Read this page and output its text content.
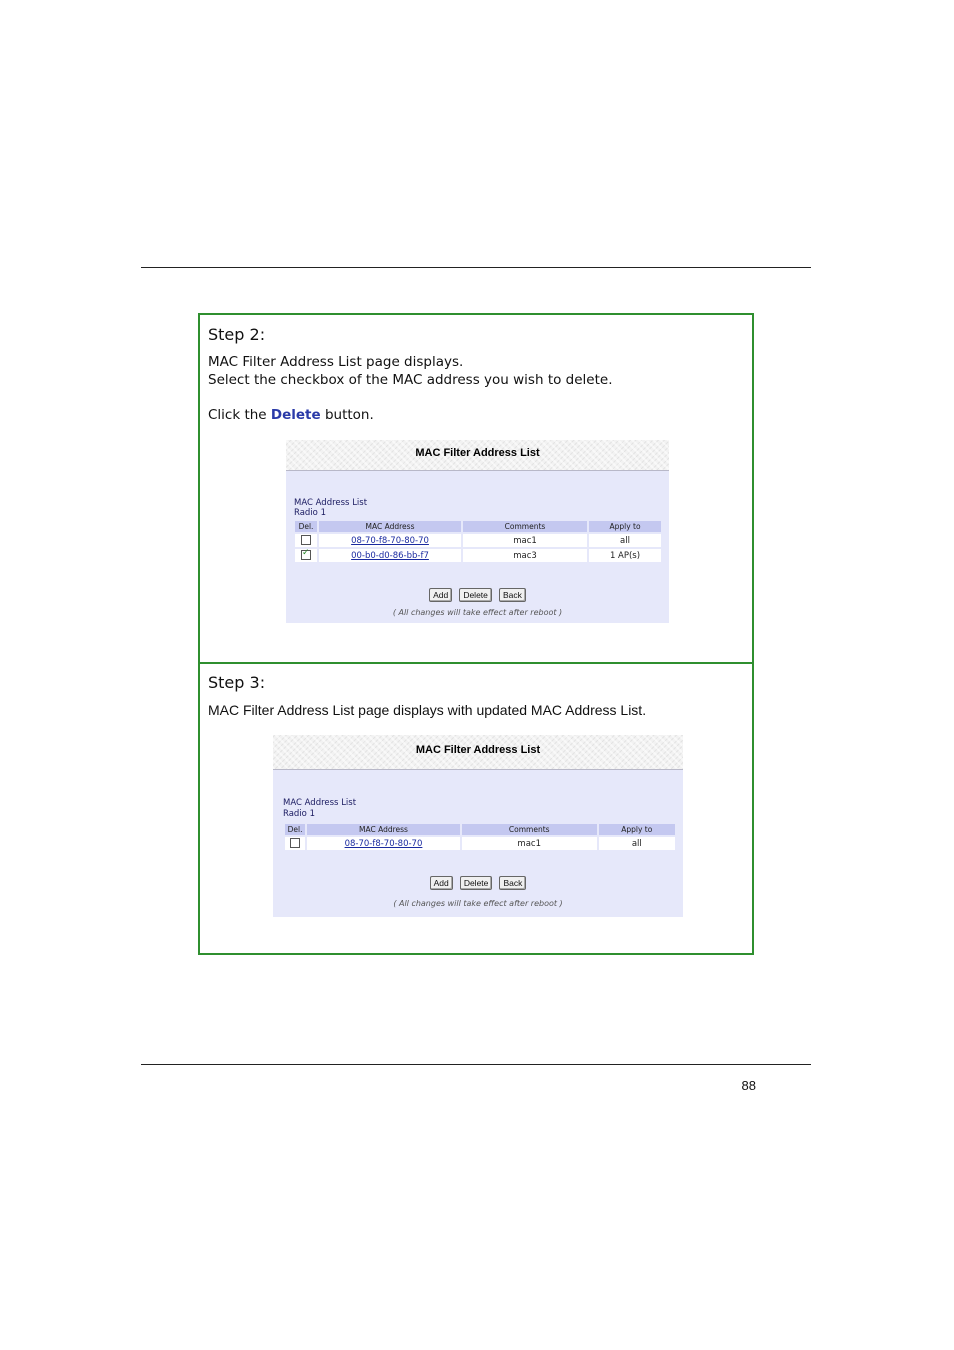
Step 2:
MAC Filter Address List page displays.
Select the checkbox of the MAC address you wish to delete.
Click the Delete button.
MAC Filter Address List
MAC Address List
Radio 1
Del.	MAC Address	Comments	Apply to
	08-70-f8-70-80-70	mac1	all
✓	00-b0-d0-86-bb-f7	mac3	1 AP(s)
Add Delete Back
( All changes will take effect after reboot )
Step 3:
MAC Filter Address List page displays with updated MAC Address List.
MAC Filter Address List
MAC Address List
Radio 1
Del.	MAC Address	Comments	Apply to
	08-70-f8-70-80-70	mac1	all
Add Delete Back
( All changes will take effect after reboot )
88
